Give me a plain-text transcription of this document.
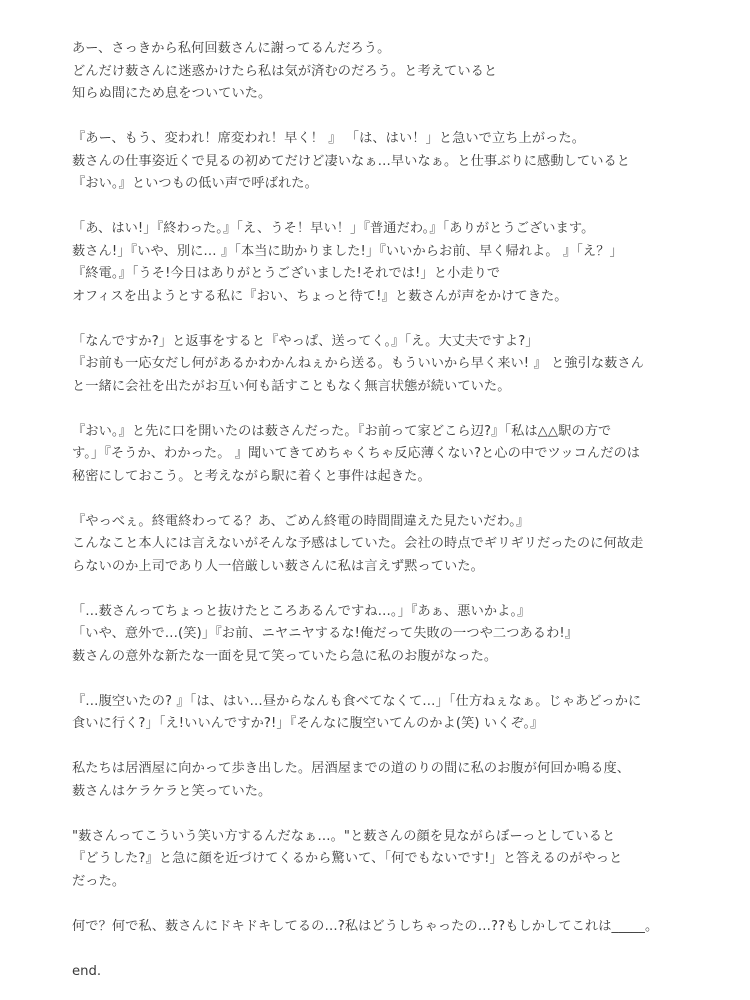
あー、さっきから私何回薮さんに謝ってるんだろう。
どんだけ薮さんに迷惑かけたら私は気が済むのだろう。と考えていると
知らぬ間にため息をついていた。
『あー、もう、変われ！席変われ！早く！ 』 「は、はい！」と急いで立ち上がった。
薮さんの仕事姿近くで見るの初めてだけど凄いなぁ…早いなぁ。と仕事ぶりに感動していると
『おい。』といつもの低い声で呼ばれた。
「あ、はい!」『終わった。』「え、うそ！早い！」『普通だわ。』「ありがとうございます。
薮さん!」『いや、別に… 』「本当に助かりました!」『いいからお前、早く帰れよ。 』「え？」
『終電。』「うそ!今日はありがとうございました!それでは!」と小走りで
オフィスを出ようとする私に『おい、ちょっと待て!』と薮さんが声をかけてきた。
「なんですか?」と返事をすると『やっぱ、送ってく。』「え。大丈夫ですよ?」
『お前も一応女だし何があるかわかんねぇから送る。もういいから早く来い! 』 と強引な薮さん
と一緒に会社を出たがお互い何も話すこともなく無言状態が続いていた。
『おい。』と先に口を開いたのは薮さんだった。『お前って家どこら辺?』「私は△△駅の方で
す。」『そうか、わかった。 』聞いてきてめちゃくちゃ反応薄くない?と心の中でツッコんだのは
秘密にしておこう。と考えながら駅に着くと事件は起きた。
『やっべぇ。終電終わってる？あ、ごめん終電の時間間違えた見たいだわ。』
こんなこと本人には言えないがそんな予感はしていた。会社の時点でギリギリだったのに何故走
らないのか上司であり人一倍厳しい薮さんに私は言えず黙っていた。
「…薮さんってちょっと抜けたところあるんですね…。」『あぁ、悪いかよ。』
「いや、意外で…(笑)」『お前、ニヤニヤするな!俺だって失敗の一つや二つあるわ!』
薮さんの意外な新たな一面を見て笑っていたら急に私のお腹がなった。
『…腹空いたの? 』「は、はい…昼からなんも食べてなくて…」「仕方ねぇなぁ。じゃあどっかに
食いに行く?」「え!いいんですか?!」『そんなに腹空いてんのかよ(笑) いくぞ。』
私たちは居酒屋に向かって歩き出した。居酒屋までの道のりの間に私のお腹が何回か鳴る度、
薮さんはケラケラと笑っていた。
"薮さんってこういう笑い方するんだなぁ…。"と薮さんの顔を見ながらぼーっとしていると
『どうした?』と急に顔を近づけてくるから驚いて、「何でもないです!」と答えるのがやっと
だった。
何で？何で私、薮さんにドキドキしてるの…?私はどうしちゃったの…??もしかしてこれは_____。
end.
